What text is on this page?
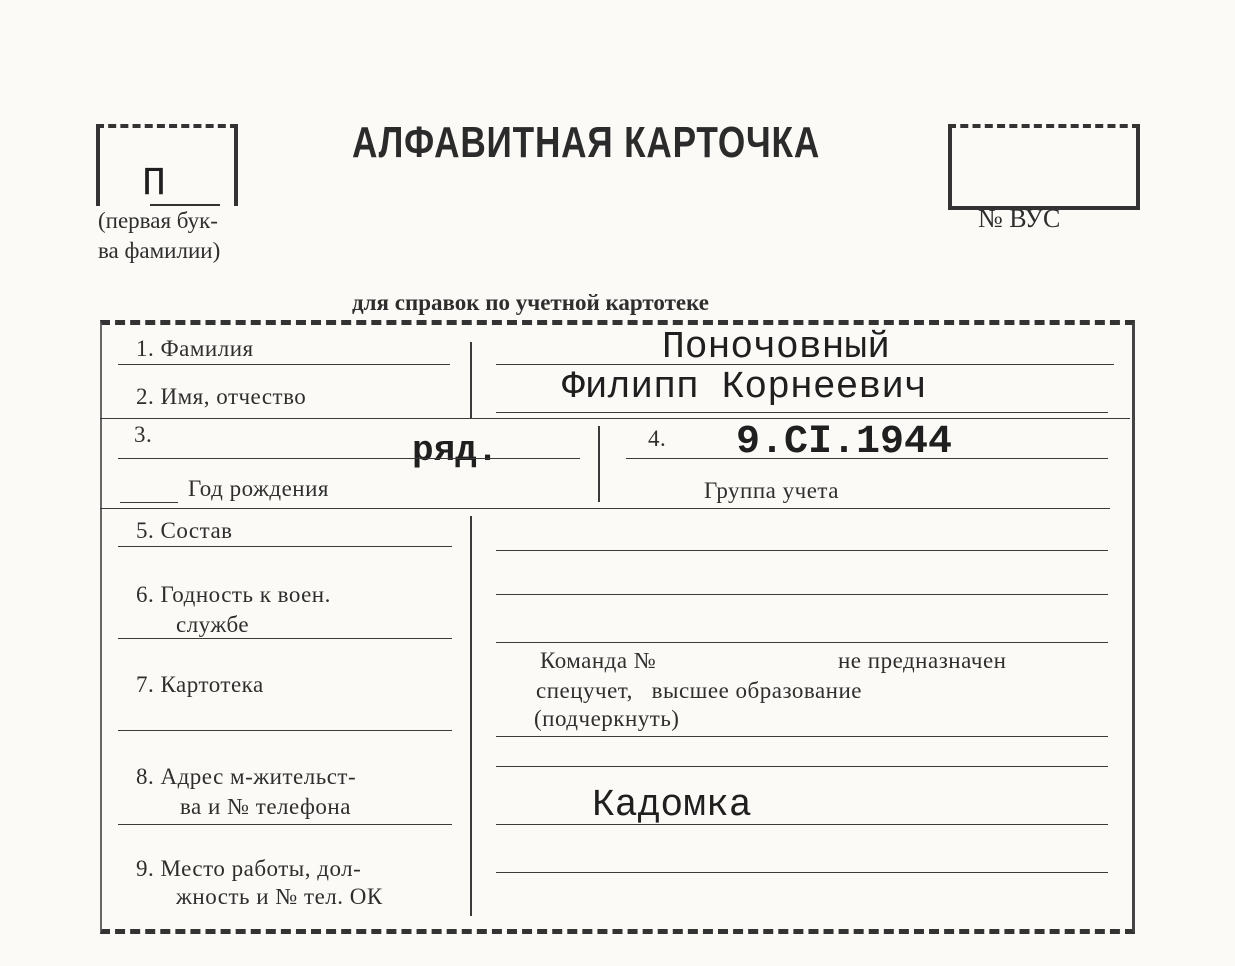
П
(первая бук-
ва фамилии)
АЛФАВИТНАЯ КАРТОЧКА
№ ВУС
для справок по учетной картотеке
1. Фамилия	Поночовный
2. Имя, отчество	Филипп Корнеевич
3.	ряд.
Год рождения
4. 9.CI.1944
Группа учета
5. Состав
6. Годность к воен.
службе
7. Картотека
Команда №	не предназначен
спецучет,   высшее образование
(подчеркнуть)
8. Адрес м-жительст-
ва и № телефона	Кадомка
9. Место работы, дол-
жность и № тел. ОК
